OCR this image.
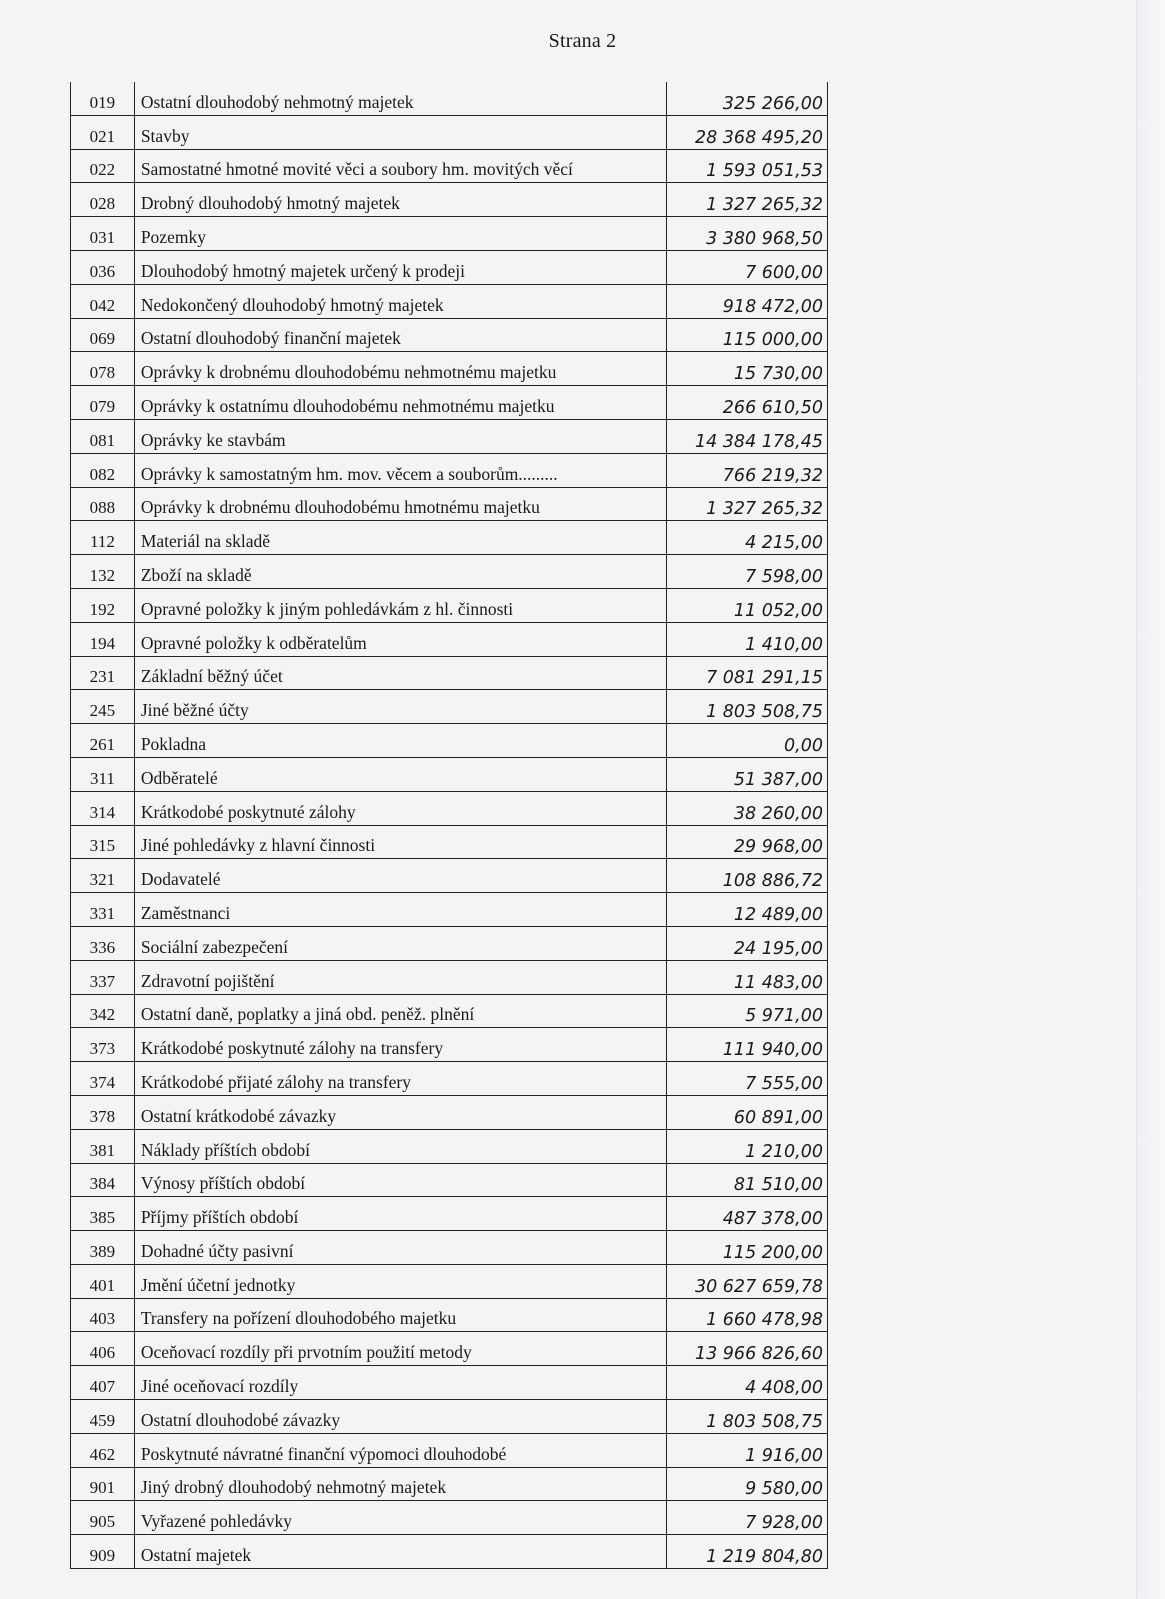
Strana 2
019	Ostatní dlouhodobý nehmotný majetek	325 266,00
021	Stavby	28 368 495,20
022	Samostatné hmotné movité věci a soubory hm. movitých věcí	1 593 051,53
028	Drobný dlouhodobý hmotný majetek	1 327 265,32
031	Pozemky	3 380 968,50
036	Dlouhodobý hmotný majetek určený k prodeji	7 600,00
042	Nedokončený dlouhodobý hmotný majetek	918 472,00
069	Ostatní dlouhodobý finanční majetek	115 000,00
078	Oprávky k drobnému dlouhodobému nehmotnému majetku	15 730,00
079	Oprávky k ostatnímu dlouhodobému nehmotnému majetku	266 610,50
081	Oprávky ke stavbám	14 384 178,45
082	Oprávky k samostatným hm. mov. věcem a souborům.........	766 219,32
088	Oprávky k drobnému dlouhodobému hmotnému majetku	1 327 265,32
112	Materiál na skladě	4 215,00
132	Zboží na skladě	7 598,00
192	Opravné položky k jiným pohledávkám z hl. činnosti	11 052,00
194	Opravné položky k odběratelům	1 410,00
231	Základní běžný účet	7 081 291,15
245	Jiné běžné účty	1 803 508,75
261	Pokladna	0,00
311	Odběratelé	51 387,00
314	Krátkodobé poskytnuté zálohy	38 260,00
315	Jiné pohledávky z hlavní činnosti	29 968,00
321	Dodavatelé	108 886,72
331	Zaměstnanci	12 489,00
336	Sociální zabezpečení	24 195,00
337	Zdravotní pojištění	11 483,00
342	Ostatní daně, poplatky a jiná obd. peněž. plnění	5 971,00
373	Krátkodobé poskytnuté zálohy na transfery	111 940,00
374	Krátkodobé přijaté zálohy na transfery	7 555,00
378	Ostatní krátkodobé závazky	60 891,00
381	Náklady příštích období	1 210,00
384	Výnosy příštích období	81 510,00
385	Příjmy příštích období	487 378,00
389	Dohadné účty pasivní	115 200,00
401	Jmění účetní jednotky	30 627 659,78
403	Transfery na pořízení dlouhodobého majetku	1 660 478,98
406	Oceňovací rozdíly při prvotním použití metody	13 966 826,60
407	Jiné oceňovací rozdíly	4 408,00
459	Ostatní dlouhodobé závazky	1 803 508,75
462	Poskytnuté návratné finanční výpomoci dlouhodobé	1 916,00
901	Jiný drobný dlouhodobý nehmotný majetek	9 580,00
905	Vyřazené pohledávky	7 928,00
909	Ostatní majetek	1 219 804,80
